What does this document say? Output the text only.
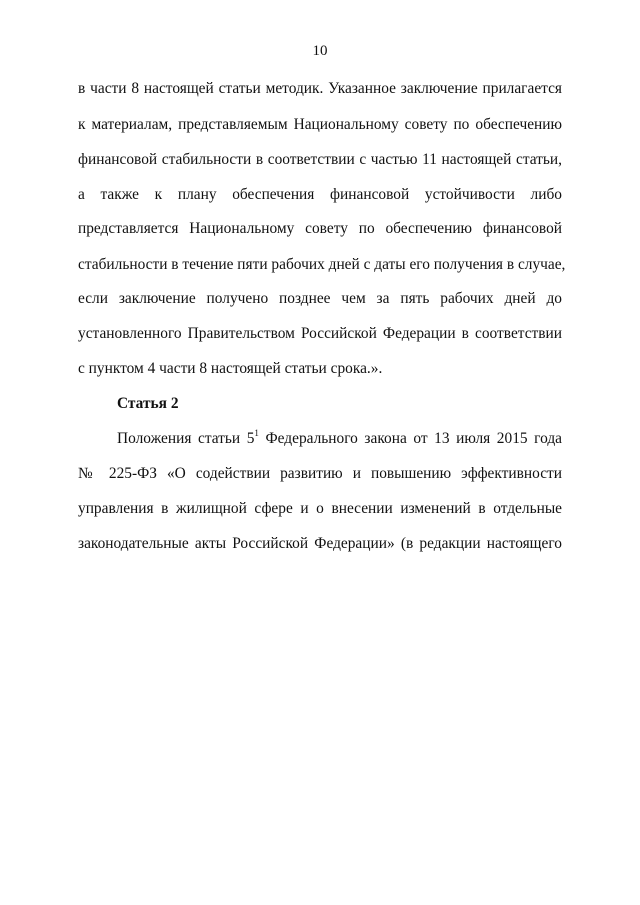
10
в части 8 настоящей статьи методик. Указанное заключение прилагается
к материалам, представляемым Национальному совету по обеспечению
финансовой стабильности в соответствии с частью 11 настоящей статьи,
а также к плану обеспечения финансовой устойчивости либо
представляется Национальному совету по обеспечению финансовой
стабильности в течение пяти рабочих дней с даты его получения в случае,
если заключение получено позднее чем за пять рабочих дней до
установленного Правительством Российской Федерации в соответствии
с пунктом 4 части 8 настоящей статьи срока.».
Статья 2
Положения статьи $5^1$ Федерального закона от 13 июля 2015 года
№ 225-ФЗ «О содействии развитию и повышению эффективности
управления в жилищной сфере и о внесении изменений в отдельные
законодательные акты Российской Федерации» (в редакции настоящего
